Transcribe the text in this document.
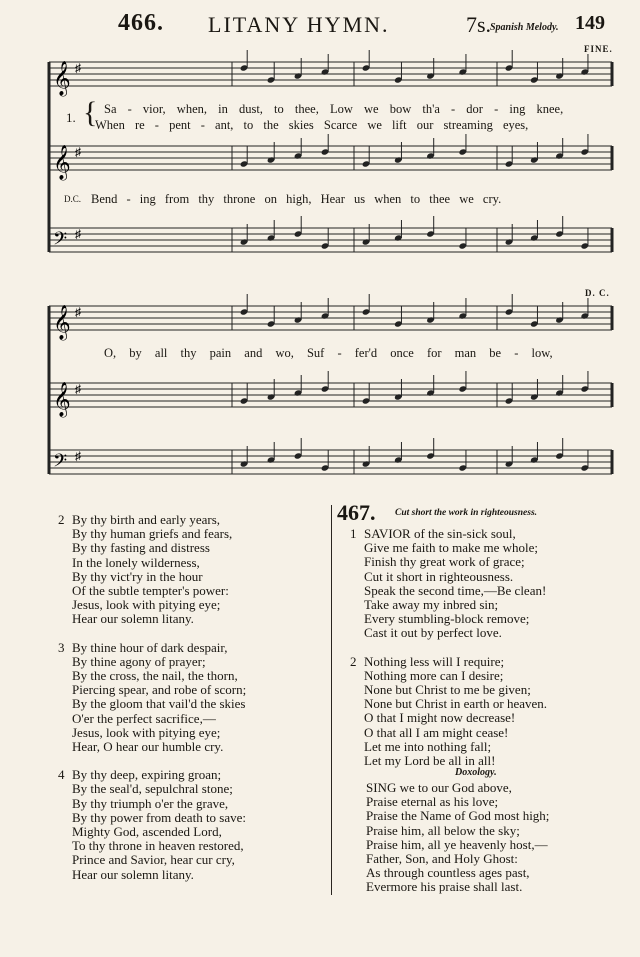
466. LITANY HYMN.	7s.
Spanish Melody. 149
FINE.
D. C.
𝄞 ♯
𝄞 ♯
𝄢 ♯
𝄞 ♯
𝄞 ♯
𝄢 ♯
1. { Sa - vior, when, in dust, to thee, Low we bow th'a - dor - ing knee,
When re - pent - ant, to the skies Scarce we lift our streaming eyes,
D.C. Bend - ing from thy throne on high, Hear us when to thee we cry.
O, by all thy pain and wo, Suf - fer'd once for man be - low,
2 By thy birth and early years,
By thy human griefs and fears,
By thy fasting and distress
In the lonely wilderness,
By thy vict'ry in the hour
Of the subtle tempter's power:
Jesus, look with pitying eye;
Hear our solemn litany.
3 By thine hour of dark despair,
By thine agony of prayer;
By the cross, the nail, the thorn,
Piercing spear, and robe of scorn;
By the gloom that vail'd the skies
O'er the perfect sacrifice,—
Jesus, look with pitying eye;
Hear, O hear our humble cry.
4 By thy deep, expiring groan;
By the seal'd, sepulchral stone;
By thy triumph o'er the grave,
By thy power from death to save:
Mighty God, ascended Lord,
To thy throne in heaven restored,
Prince and Savior, hear cur cry,
Hear our solemn litany.
467. Cut short the work in righteousness.
1 SAVIOR of the sin-sick soul,
Give me faith to make me whole;
Finish thy great work of grace;
Cut it short in righteousness.
Speak the second time,—Be clean!
Take away my inbred sin;
Every stumbling-block remove;
Cast it out by perfect love.
2 Nothing less will I require;
Nothing more can I desire;
None but Christ to me be given;
None but Christ in earth or heaven.
O that I might now decrease!
O that all I am might cease!
Let me into nothing fall;
Let my Lord be all in all!
Doxology.
SING we to our God above,
Praise eternal as his love;
Praise the Name of God most high;
Praise him, all below the sky;
Praise him, all ye heavenly host,—
Father, Son, and Holy Ghost:
As through countless ages past,
Evermore his praise shall last.
